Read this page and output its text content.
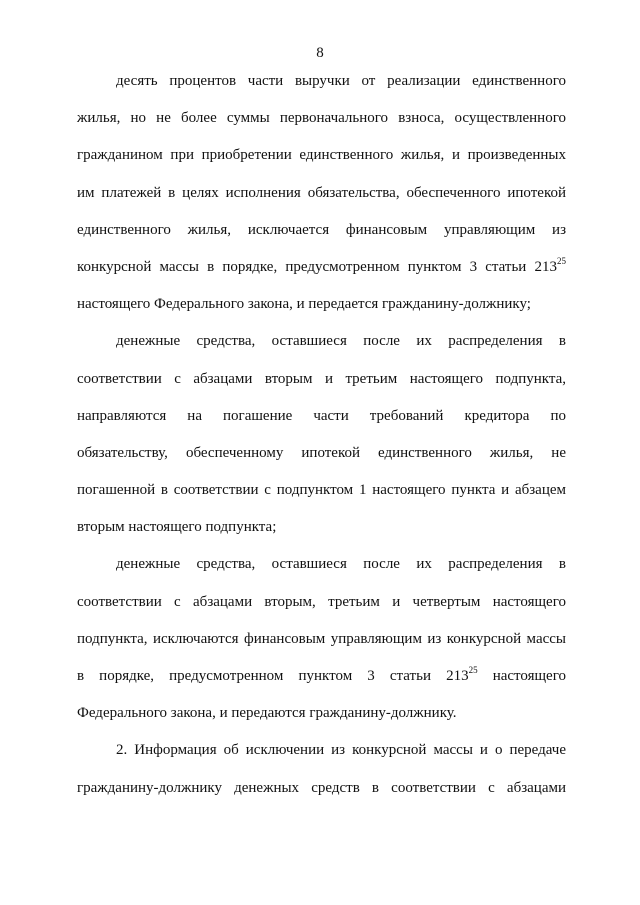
8
десять процентов части выручки от реализации единственного
жилья, но не более суммы первоначального взноса, осуществленного
гражданином при приобретении единственного жилья, и произведенных
им платежей в целях исполнения обязательства, обеспеченного ипотекой
единственного жилья, исключается финансовым управляющим из
конкурсной массы в порядке, предусмотренном пунктом 3 статьи $213^{25}$
настоящего Федерального закона, и передается гражданину-должнику;
денежные средства, оставшиеся после их распределения в
соответствии с абзацами вторым и третьим настоящего подпункта,
направляются на погашение части требований кредитора по
обязательству, обеспеченному ипотекой единственного жилья, не
погашенной в соответствии с подпунктом 1 настоящего пункта и абзацем
вторым настоящего подпункта;
денежные средства, оставшиеся после их распределения в
соответствии с абзацами вторым, третьим и четвертым настоящего
подпункта, исключаются финансовым управляющим из конкурсной массы
в порядке, предусмотренном пунктом 3 статьи $213^{25}$ настоящего
Федерального закона, и передаются гражданину-должнику.
2. Информация об исключении из конкурсной массы и о передаче
гражданину-должнику денежных средств в соответствии с абзацами
